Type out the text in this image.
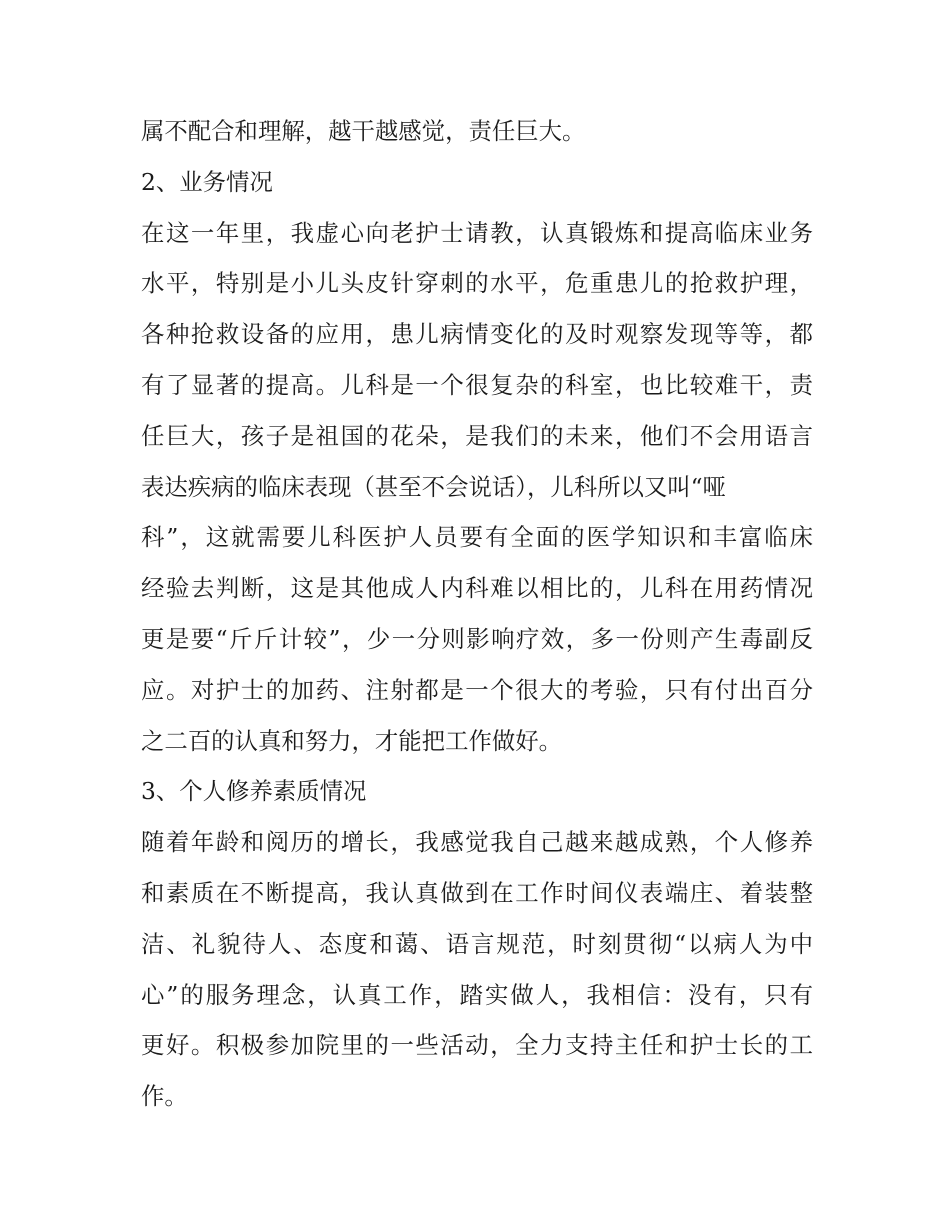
属不配合和理解，越干越感觉，责任巨大。
2、业务情况
在这一年里，我虚心向老护士请教，认真锻炼和提高临床业务
水平，特别是小儿头皮针穿刺的水平，危重患儿的抢救护理，
各种抢救设备的应用，患儿病情变化的及时观察发现等等，都
有了显著的提高。儿科是一个很复杂的科室，也比较难干，责
任巨大，孩子是祖国的花朵，是我们的未来，他们不会用语言
表达疾病的临床表现（甚至不会说话），儿科所以又叫“哑
科”，这就需要儿科医护人员要有全面的医学知识和丰富临床
经验去判断，这是其他成人内科难以相比的，儿科在用药情况
更是要“斤斤计较”，少一分则影响疗效，多一份则产生毒副反
应。对护士的加药、注射都是一个很大的考验，只有付出百分
之二百的认真和努力，才能把工作做好。
3、个人修养素质情况
随着年龄和阅历的增长，我感觉我自己越来越成熟，个人修养
和素质在不断提高，我认真做到在工作时间仪表端庄、着装整
洁、礼貌待人、态度和蔼、语言规范，时刻贯彻“以病人为中
心”的服务理念，认真工作，踏实做人，我相信：没有，只有
更好。积极参加院里的一些活动，全力支持主任和护士长的工
作。
